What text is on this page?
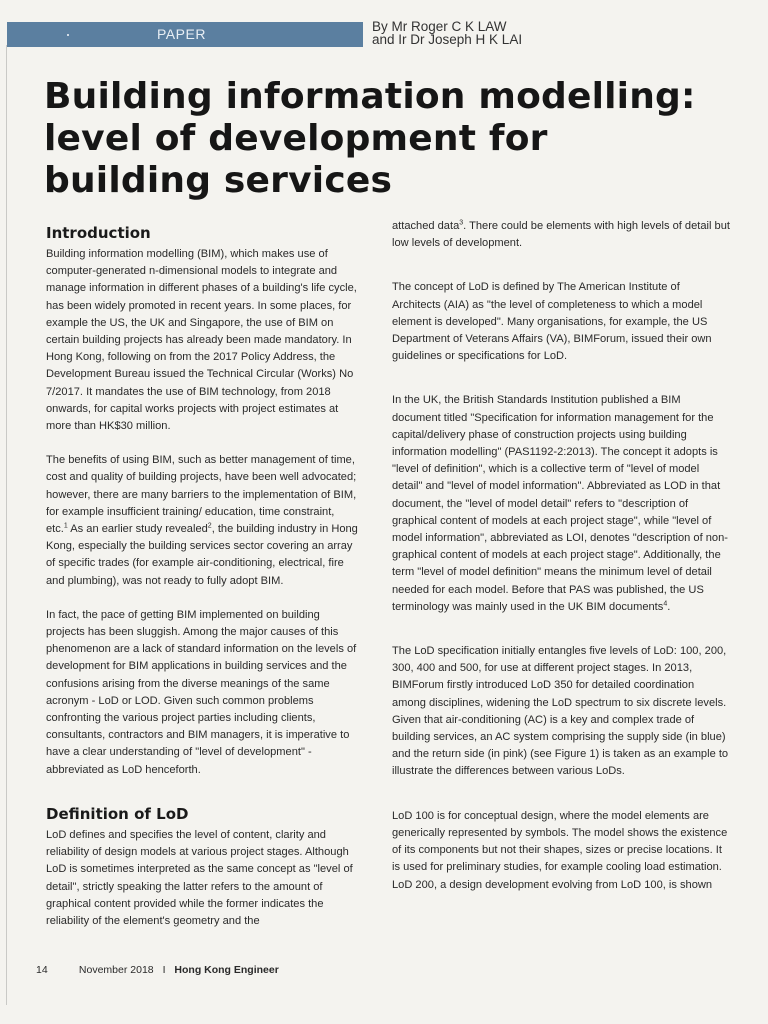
PAPER	By Mr Roger C K LAW
and Ir Dr Joseph H K LAI
Building information modelling:
level of development for
building services
Introduction

Building information modelling (BIM), which makes use of computer-generated n-dimensional models to integrate and manage information in different phases of a building's life cycle, has been widely promoted in recent years. In some places, for example the US, the UK and Singapore, the use of BIM on certain building projects has already been made mandatory. In Hong Kong, following on from the 2017 Policy Address, the Development Bureau issued the Technical Circular (Works) No 7/2017. It mandates the use of BIM technology, from 2018 onwards, for capital works projects with project estimates at more than HK$30 million.

The benefits of using BIM, such as better management of time, cost and quality of building projects, have been well advocated; however, there are many barriers to the implementation of BIM, for example insufficient training/ education, time constraint, etc.$^1$ As an earlier study revealed$^2$, the building industry in Hong Kong, especially the building services sector covering an array of specific trades (for example air-conditioning, electrical, fire and plumbing), was not ready to fully adopt BIM.

In fact, the pace of getting BIM implemented on building projects has been sluggish. Among the major causes of this phenomenon are a lack of standard information on the levels of development for BIM applications in building services and the confusions arising from the diverse meanings of the same acronym - LoD or LOD. Given such common problems confronting the various project parties including clients, consultants, contractors and BIM managers, it is imperative to have a clear understanding of "level of development" - abbreviated as LoD henceforth.

Definition of LoD

LoD defines and specifies the level of content, clarity and reliability of design models at various project stages. Although LoD is sometimes interpreted as the same concept as "level of detail", strictly speaking the latter refers to the amount of graphical content provided while the former indicates the reliability of the element's geometry and the

attached data$^3$. There could be elements with high levels of detail but low levels of development.

The concept of LoD is defined by The American Institute of Architects (AIA) as "the level of completeness to which a model element is developed". Many organisations, for example, the US Department of Veterans Affairs (VA), BIMForum, issued their own guidelines or specifications for LoD.

In the UK, the British Standards Institution published a BIM document titled "Specification for information management for the capital/delivery phase of construction projects using building information modelling" (PAS1192-2:2013). The concept it adopts is "level of definition", which is a collective term of "level of model detail" and "level of model information". Abbreviated as LOD in that document, the "level of model detail" refers to "description of graphical content of models at each project stage", while "level of model information", abbreviated as LOI, denotes "description of non-graphical content of models at each project stage". Additionally, the term "level of model definition" means the minimum level of detail needed for each model. Before that PAS was published, the US terminology was mainly used in the UK BIM documents$^4$.

The LoD specification initially entangles five levels of LoD: 100, 200, 300, 400 and 500, for use at different project stages. In 2013, BIMForum firstly introduced LoD 350 for detailed coordination among disciplines, widening the LoD spectrum to six discrete levels. Given that air-conditioning (AC) is a key and complex trade of building services, an AC system comprising the supply side (in blue) and the return side (in pink) (see Figure 1) is taken as an example to illustrate the differences between various LoDs.

LoD 100 is for conceptual design, where the model elements are generically represented by symbols. The model shows the existence of its components but not their shapes, sizes or precise locations. It is used for preliminary studies, for example cooling load estimation. LoD 200, a design development evolving from LoD 100, is shown

14	November 2018 I Hong Kong Engineer
